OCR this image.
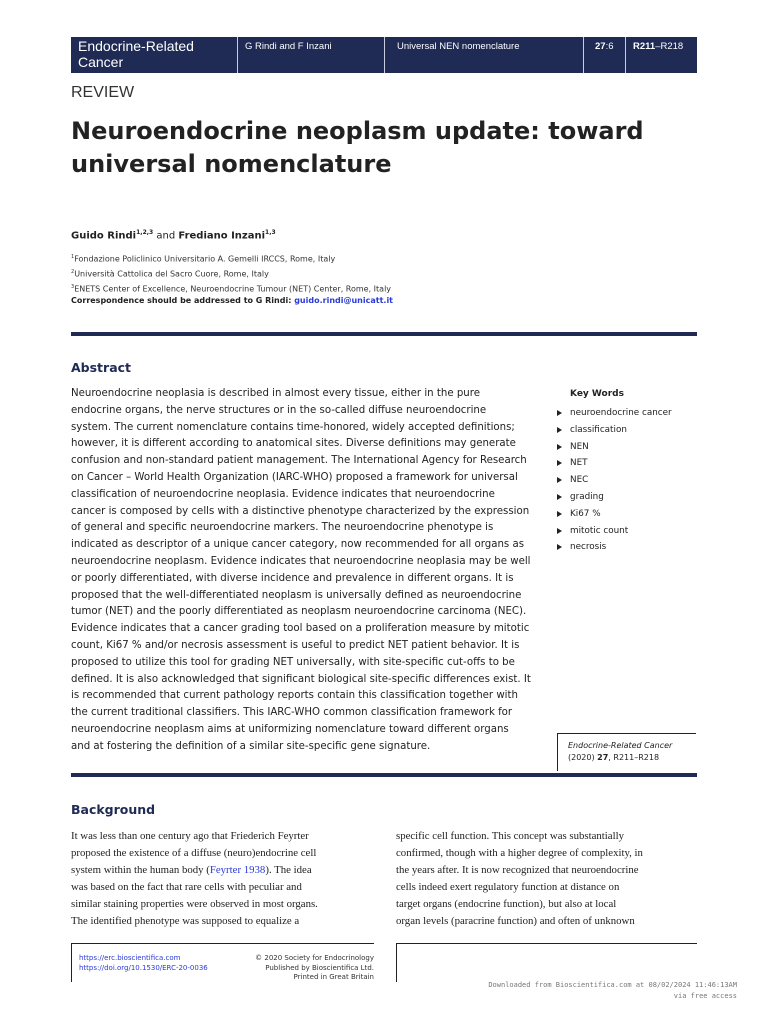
Endocrine-Related Cancer
G Rindi and F Inzani	Universal NEN nomenclature	27:6 R211–R218
REVIEW
Neuroendocrine neoplasm update: toward universal nomenclature
Guido Rindi$^{1,2,3}$ and Frediano Inzani$^{1,3}$
$^1$Fondazione Policlinico Universitario A. Gemelli IRCCS, Rome, Italy
$^2$Università Cattolica del Sacro Cuore, Rome, Italy
$^3$ENETS Center of Excellence, Neuroendocrine Tumour (NET) Center, Rome, Italy
Correspondence should be addressed to G Rindi: guido.rindi@unicatt.it
Abstract
Neuroendocrine neoplasia is described in almost every tissue, either in the pure
endocrine organs, the nerve structures or in the so-called diffuse neuroendocrine
system. The current nomenclature contains time-honored, widely accepted definitions;
however, it is different according to anatomical sites. Diverse definitions may generate
confusion and non-standard patient management. The International Agency for Research
on Cancer – World Health Organization (IARC-WHO) proposed a framework for universal
classification of neuroendocrine neoplasia. Evidence indicates that neuroendocrine
cancer is composed by cells with a distinctive phenotype characterized by the expression
of general and specific neuroendocrine markers. The neuroendocrine phenotype is
indicated as descriptor of a unique cancer category, now recommended for all organs as
neuroendocrine neoplasm. Evidence indicates that neuroendocrine neoplasia may be well
or poorly differentiated, with diverse incidence and prevalence in different organs. It is
proposed that the well-differentiated neoplasm is universally defined as neuroendocrine
tumor (NET) and the poorly differentiated as neoplasm neuroendocrine carcinoma (NEC).
Evidence indicates that a cancer grading tool based on a proliferation measure by mitotic
count, Ki67 % and/or necrosis assessment is useful to predict NET patient behavior. It is
proposed to utilize this tool for grading NET universally, with site-specific cut-offs to be
defined. It is also acknowledged that significant biological site-specific differences exist. It
is recommended that current pathology reports contain this classification together with
the current traditional classifiers. This IARC-WHO common classification framework for
neuroendocrine neoplasm aims at uniformizing nomenclature toward different organs
and at fostering the definition of a similar site-specific gene signature.
Key Words
neuroendocrine cancer
classification
NEN
NET
NEC
grading
Ki67 %
mitotic count
necrosis
Endocrine-Related Cancer
(2020) 27, R211–R218
Background
It was less than one century ago that Friederich Feyrter
proposed the existence of a diffuse (neuro)endocrine cell
system within the human body (Feyrter 1938). The idea
was based on the fact that rare cells with peculiar and
similar staining properties were observed in most organs.
The identified phenotype was supposed to equalize a
specific cell function. This concept was substantially
confirmed, though with a higher degree of complexity, in
the years after. It is now recognized that neuroendocrine
cells indeed exert regulatory function at distance on
target organs (endocrine function), but also at local
organ levels (paracrine function) and often of unknown
https://erc.bioscientifica.com
https://doi.org/10.1530/ERC-20-0036
© 2020 Society for Endocrinology
Published by Bioscientifica Ltd.
Printed in Great Britain
Downloaded from Bioscientifica.com at 08/02/2024 11:46:13AM
via free access
